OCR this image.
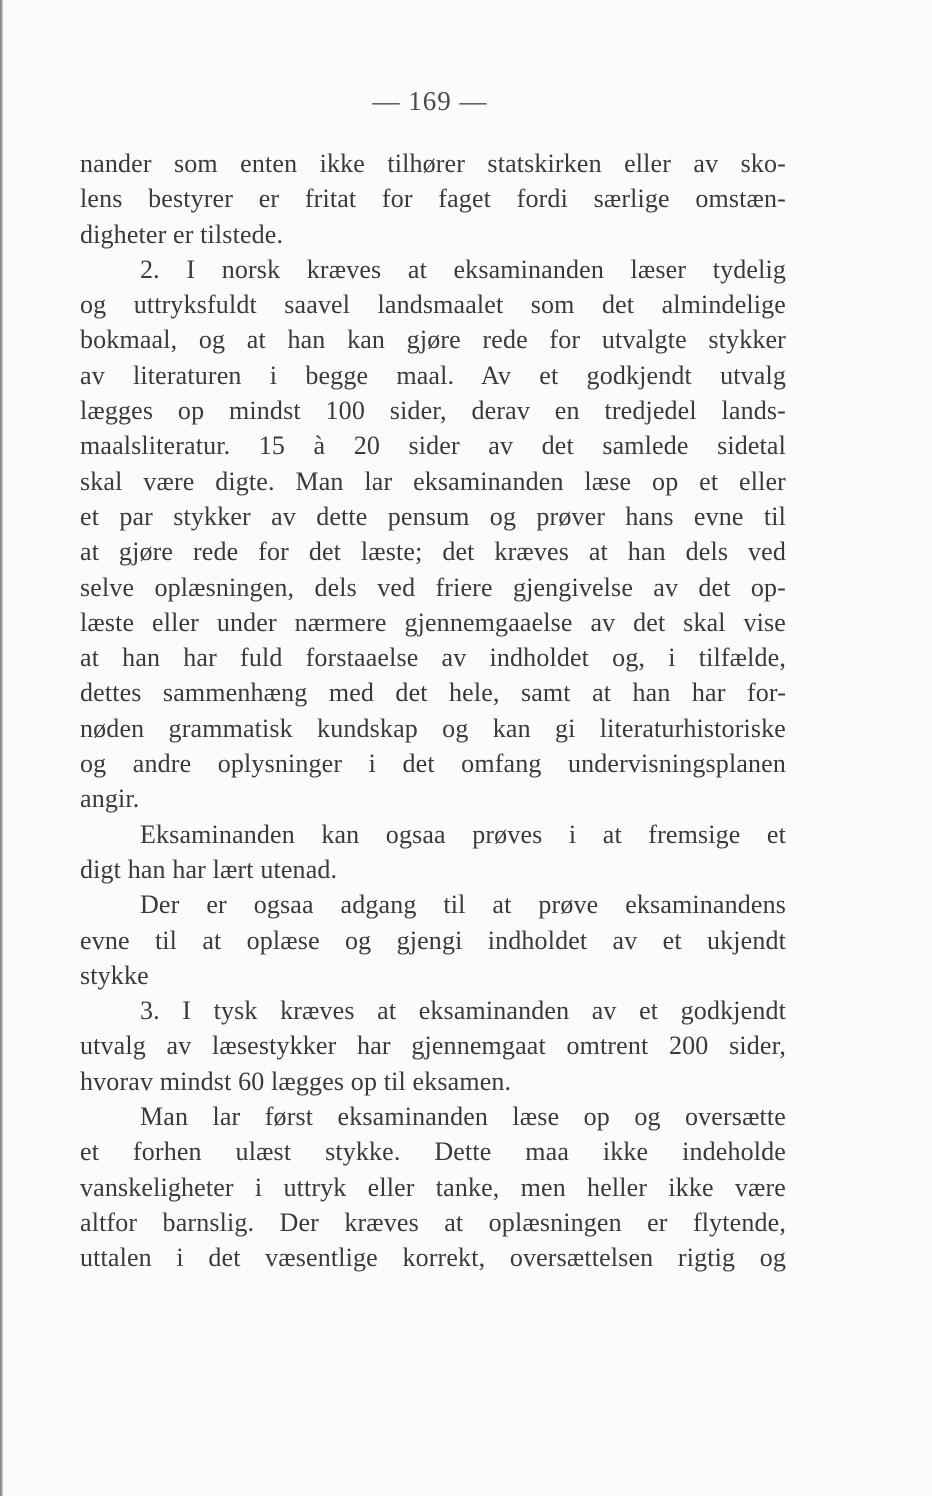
— 169 —
nander som enten ikke tilhører statskirken eller av sko-
lens bestyrer er fritat for faget fordi særlige omstæn-
digheter er tilstede.
2. I norsk kræves at eksaminanden læser tydelig
og uttryksfuldt saavel landsmaalet som det almindelige
bokmaal, og at han kan gjøre rede for utvalgte stykker
av literaturen i begge maal. Av et godkjendt utvalg
lægges op mindst 100 sider, derav en tredjedel lands-
maalsliteratur. 15 à 20 sider av det samlede sidetal
skal være digte. Man lar eksaminanden læse op et eller
et par stykker av dette pensum og prøver hans evne til
at gjøre rede for det læste; det kræves at han dels ved
selve oplæsningen, dels ved friere gjengivelse av det op-
læste eller under nærmere gjennemgaaelse av det skal vise
at han har fuld forstaaelse av indholdet og, i tilfælde,
dettes sammenhæng med det hele, samt at han har for-
nøden grammatisk kundskap og kan gi literaturhistoriske
og andre oplysninger i det omfang undervisningsplanen
angir.
Eksaminanden kan ogsaa prøves i at fremsige et
digt han har lært utenad.
Der er ogsaa adgang til at prøve eksaminandens
evne til at oplæse og gjengi indholdet av et ukjendt
stykke
3. I tysk kræves at eksaminanden av et godkjendt
utvalg av læsestykker har gjennemgaat omtrent 200 sider,
hvorav mindst 60 lægges op til eksamen.
Man lar først eksaminanden læse op og oversætte
et forhen ulæst stykke. Dette maa ikke indeholde
vanskeligheter i uttryk eller tanke, men heller ikke være
altfor barnslig. Der kræves at oplæsningen er flytende,
uttalen i det væsentlige korrekt, oversættelsen rigtig og
